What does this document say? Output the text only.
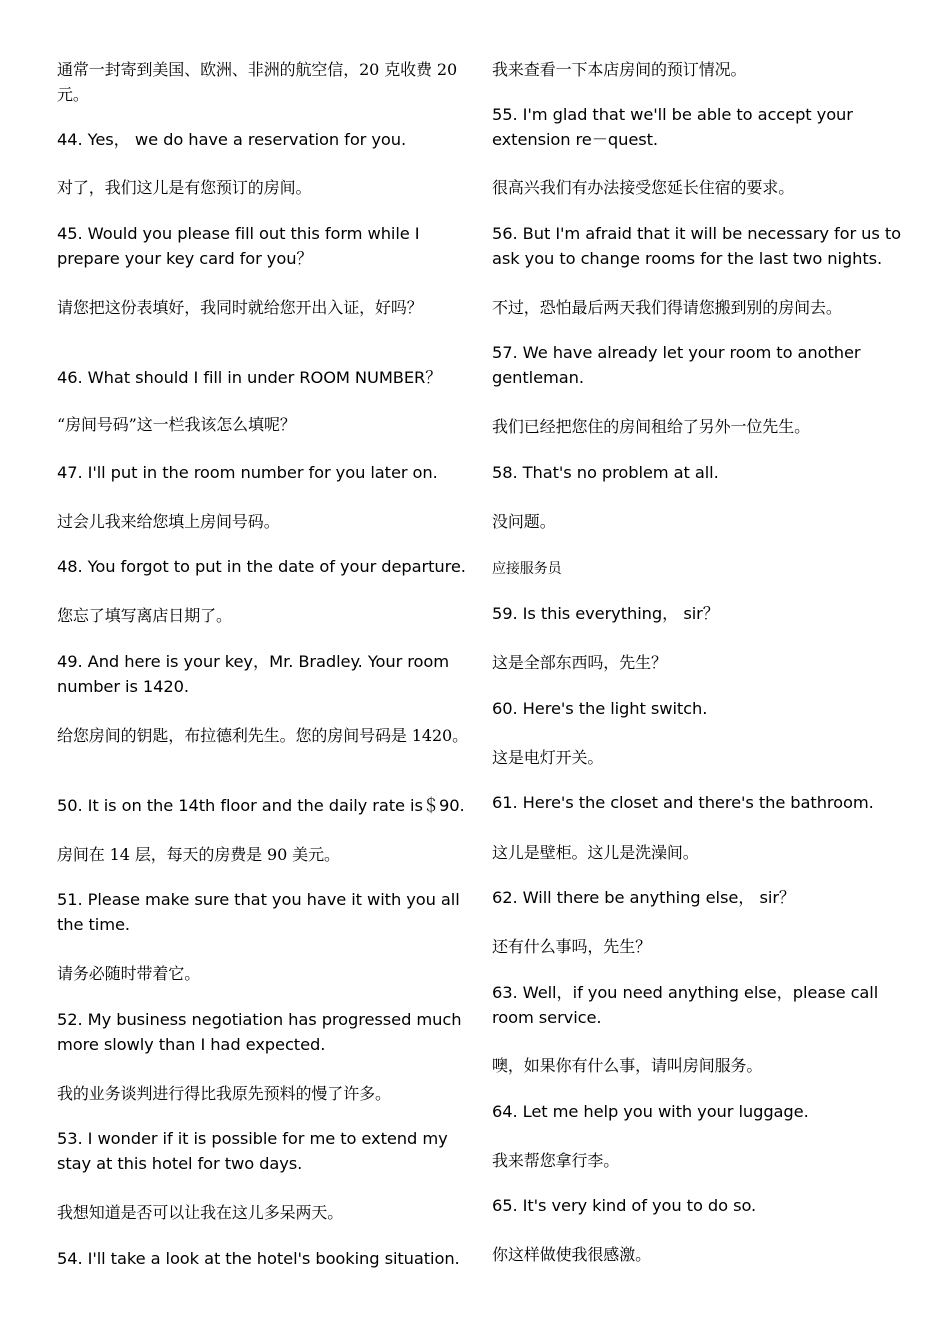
通常一封寄到美国、欧洲、非洲的航空信，20 克收费 20 元。

44. Yes， we do have a reservation for you.

对了，我们这儿是有您预订的房间。

45. Would you please fill out this form while I prepare your key card for you？

请您把这份表填好，我同时就给您开出入证，好吗？

46. What should I fill in under ROOM NUMBER？

“房间号码”这一栏我该怎么填呢？

47. I'll put in the room number for you later on.

过会儿我来给您填上房间号码。

48. You forgot to put in the date of your departure.

您忘了填写离店日期了。

49. And here is your key，Mr. Bradley. Your room number is 1420.

给您房间的钥匙，布拉德利先生。您的房间号码是 1420。

50. It is on the 14th floor and the daily rate is＄90.

房间在 14 层，每天的房费是 90 美元。

51. Please make sure that you have it with you all the time.

请务必随时带着它。

52. My business negotiation has progressed much more slowly than I had expected.

我的业务谈判进行得比我原先预料的慢了许多。

53. I wonder if it is possible for me to extend my stay at this hotel for two days.

我想知道是否可以让我在这儿多呆两天。

54. I'll take a look at the hotel's booking situation.

我来查看一下本店房间的预订情况。

55. I'm glad that we'll be able to accept your extension re－quest.

很高兴我们有办法接受您延长住宿的要求。

56. But I'm afraid that it will be necessary for us to ask you to change rooms for the last two nights.

不过，恐怕最后两天我们得请您搬到别的房间去。

57. We have already let your room to another gentleman.

我们已经把您住的房间租给了另外一位先生。

58. That's no problem at all.

没问题。

应接服务员

59. Is this everything， sir？

这是全部东西吗，先生？

60. Here's the light switch.

这是电灯开关。

61. Here's the closet and there's the bathroom.

这儿是壁柜。这儿是洗澡间。

62. Will there be anything else， sir？

还有什么事吗，先生？

63. Well，if you need anything else，please call room service.

噢，如果你有什么事，请叫房间服务。

64. Let me help you with your luggage.

我来帮您拿行李。

65. It's very kind of you to do so.

你这样做使我很感激。
